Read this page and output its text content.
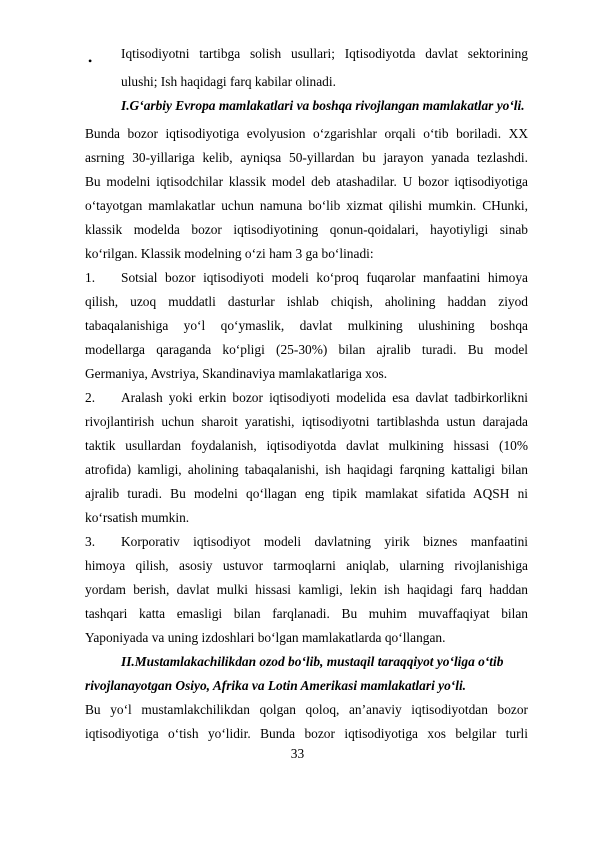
• Iqtisodiyotni tartibga solish usullari; Iqtisodiyotda davlat sektorining
ulushi; Ish haqidagi farq kabilar olinadi.
I.G‘arbiy Evropa mamlakatlari va boshqa rivojlangan mamlakatlar yo‘li.
Bunda bozor iqtisodiyotiga evolyusion o‘zgarishlar orqali o‘tib boriladi. XX
asrning 30-yillariga kelib, ayniqsa 50-yillardan bu jarayon yanada tezlashdi.
Bu modelni iqtisodchilar klassik model deb atashadilar. U bozor iqtisodiyotiga
o‘tayotgan mamlakatlar uchun namuna bo‘lib xizmat qilishi mumkin. CHunki,
klassik modelda bozor iqtisodiyotining qonun-qoidalari, hayotiyligi sinab
ko‘rilgan. Klassik modelning o‘zi ham 3 ga bo‘linadi:
1. Sotsial bozor iqtisodiyoti modeli ko‘proq fuqarolar manfaatini himoya
qilish, uzoq muddatli dasturlar ishlab chiqish, aholining haddan ziyod
tabaqalanishiga yo‘l qo‘ymaslik, davlat mulkining ulushining boshqa
modellarga qaraganda ko‘pligi (25-30%) bilan ajralib turadi. Bu model
Germaniya, Avstriya, Skandinaviya mamlakatlariga xos.
2. Aralash yoki erkin bozor iqtisodiyoti modelida esa davlat tadbirkorlikni
rivojlantirish uchun sharoit yaratishi, iqtisodiyotni tartiblashda ustun darajada
taktik usullardan foydalanish, iqtisodiyotda davlat mulkining hissasi (10%
atrofida) kamligi, aholining tabaqalanishi, ish haqidagi farqning kattaligi bilan
ajralib turadi. Bu modelni qo‘llagan eng tipik mamlakat sifatida AQSH ni
ko‘rsatish mumkin.
3. Korporativ iqtisodiyot modeli davlatning yirik biznes manfaatini
himoya qilish, asosiy ustuvor tarmoqlarni aniqlab, ularning rivojlanishiga
yordam berish, davlat mulki hissasi kamligi, lekin ish haqidagi farq haddan
tashqari katta emasligi bilan farqlanadi. Bu muhim muvaffaqiyat bilan
Yaponiyada va uning izdoshlari bo‘lgan mamlakatlarda qo‘llangan.
II.Mustamlakachilikdan ozod bo‘lib, mustaqil taraqqiyot yo‘liga o‘tib
rivojlanayotgan Osiyo, Afrika va Lotin Amerikasi mamlakatlari yo‘li.
Bu yo‘l mustamlakchilikdan qolgan qoloq, an’anaviy iqtisodiyotdan bozor
iqtisodiyotiga o‘tish yo‘lidir. Bunda bozor iqtisodiyotiga xos belgilar turli
33
